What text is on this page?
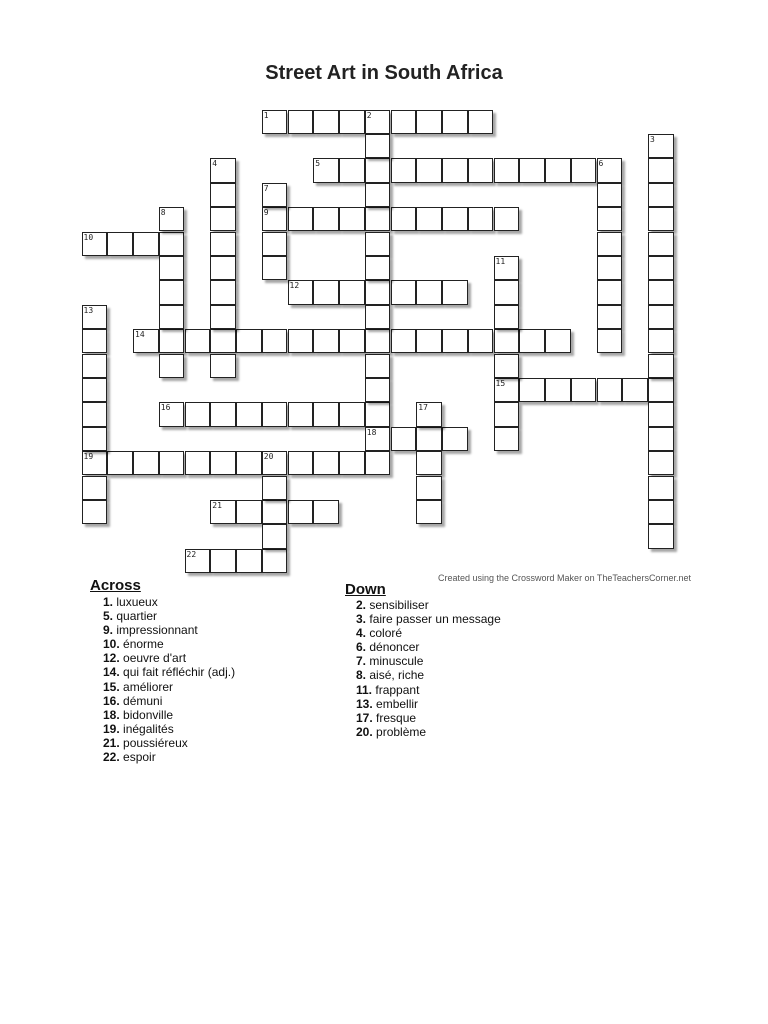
Street Art in South Africa
1	2
5	6
9
10
12
14
15
16
18
19	20
21
22
3
4
7
8
11
13
17
Created using the Crossword Maker on TheTeachersCorner.net
Across
1. luxueux
5. quartier
9. impressionnant
10. énorme
12. oeuvre d'art
14. qui fait réfléchir (adj.)
15. améliorer
16. démuni
18. bidonville
19. inégalités
21. poussiéreux
22. espoir
Down
2. sensibiliser
3. faire passer un message
4. coloré
6. dénoncer
7. minuscule
8. aisé, riche
11. frappant
13. embellir
17. fresque
20. problème
